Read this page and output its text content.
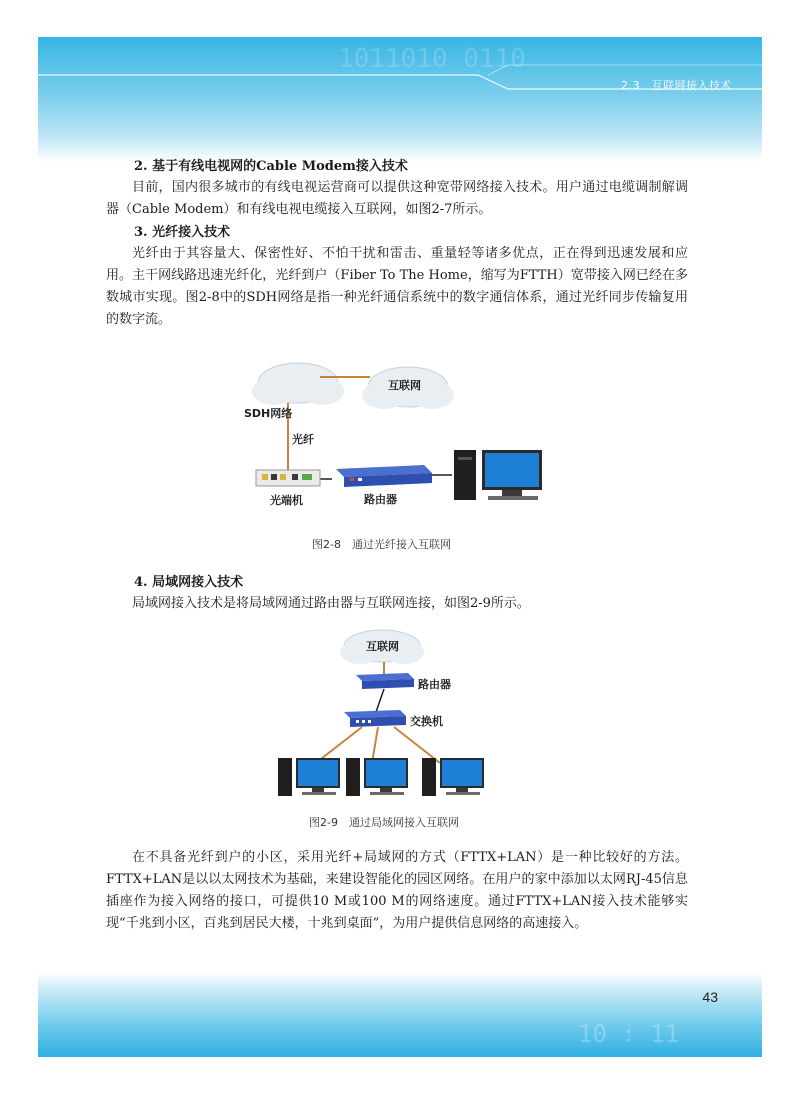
1011010 0110
2.3　互联网接入技术
10 : 11
43
2. 基于有线电视网的Cable Modem接入技术

目前，国内很多城市的有线电视运营商可以提供这种宽带网络接入技术。用户通过电缆调制解调器（Cable Modem）和有线电视电缆接入互联网，如图2-7所示。

3. 光纤接入技术

光纤由于其容量大、保密性好、不怕干扰和雷击、重量轻等诸多优点，正在得到迅速发展和应用。主干网线路迅速光纤化，光纤到户（Fiber To The Home，缩写为FTTH）宽带接入网已经在多数城市实现。图2-8中的SDH网络是指一种光纤通信系统中的数字通信体系，通过光纤同步传输复用的数字流。

SDH网络
互联网
光纤
光端机	路由器
图2-8　通过光纤接入互联网
4. 局域网接入技术

局域网接入技术是将局域网通过路由器与互联网连接，如图2-9所示。

互联网
路由器
交换机
图2-9　通过局域网接入互联网

在不具备光纤到户的小区，采用光纤+局域网的方式（FTTX+LAN）是一种比较好的方法。FTTX+LAN是以以太网技术为基础，来建设智能化的园区网络。在用户的家中添加以太网RJ-45信息插座作为接入网络的接口，可提供10 M或100 M的网络速度。通过FTTX+LAN接入技术能够实现“千兆到小区，百兆到居民大楼，十兆到桌面”，为用户提供信息网络的高速接入。
